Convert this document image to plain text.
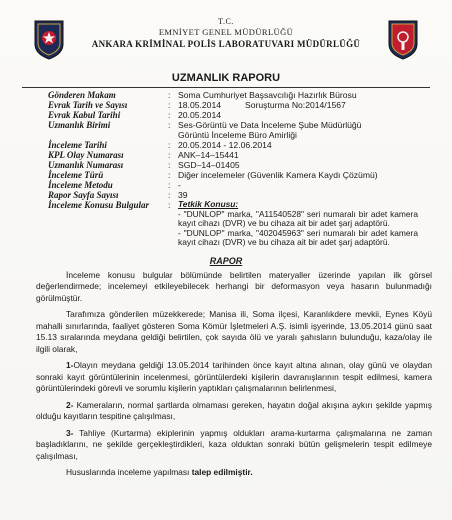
T.C.
EMNİYET GENEL MÜDÜRLÜĞÜ
ANKARA KRİMİNAL POLİS LABORATUVARI MÜDÜRLÜĞÜ
UZMANLIK RAPORU
Gönderen Makam	: Soma Cumhuriyet Başsavcılığı Hazırlık Bürosu
Evrak Tarih ve Sayısı	: 18.05.2014	Soruşturma No:2014/1567
Evrak Kabul Tarihi	: 20.05.2014
Uzmanlık Birimi	: Ses-Görüntü ve Data İnceleme Şube Müdürlüğü
Görüntü İnceleme Büro Amirliği
İnceleme Tarihi	: 20.05.2014 - 12.06.2014
KPL Olay Numarası	: ANK–14–15441
Uzmanlık Numarası	: SGD–14–01405
İnceleme Türü	: Diğer incelemeler (Güvenlik Kamera Kaydı Çözümü)
İnceleme Metodu	: -
Rapor Sayfa Sayısı	: 39
İnceleme Konusu Bulgular	: Tetkik Konusu:
- "DUNLOP" marka, "A11540528" seri numaralı bir adet kamera kayıt cihazı (DVR) ve bu cihaza ait bir adet şarj adaptörü.
- "DUNLOP" marka, "402045963" seri numaralı bir adet kamera kayıt cihazı (DVR) ve bu cihaza ait bir adet şarj adaptörü.
RAPOR
İnceleme konusu bulgular bölümünde belirtilen materyaller üzerinde yapılan ilk görsel değerlendirmede; incelemeyi etkileyebilecek herhangi bir deformasyon veya hasarın bulunmadığı görülmüştür.
Tarafımıza gönderilen müzekkerede; Manisa ili, Soma ilçesi, Karanlıkdere mevkii, Eynes Köyü mahalli sınırlarında, faaliyet gösteren Soma Kömür İşletmeleri A.Ş. isimli işyerinde, 13.05.2014 günü saat 15.13 sıralarında meydana geldiği belirtilen, çok sayıda ölü ve yaralı şahısların bulunduğu, kaza/olay ile ilgili olarak,
1-Olayın meydana geldiği 13.05.2014 tarihinden önce kayıt altına alınan, olay günü ve olaydan sonraki kayıt görüntülerinin incelenmesi, görüntülerdeki kişilerin davranışlarının tespit edilmesi, kamera görüntülerindeki görevli ve sorumlu kişilerin yaptıkları çalışmalarının belirlenmesi,
2- Kameraların, normal şartlarda olmaması gereken, hayatın doğal akışına aykırı şekilde yapmış olduğu kayıtların tespitine çalışılması,
3- Tahliye (Kurtarma) ekiplerinin yapmış oldukları arama-kurtarma çalışmalarına ne zaman başladıklarını, ne şekilde gerçekleştirdikleri, kaza olduktan sonraki bütün gelişmelerin tespit edilmeye çalışılması,
Hususlarında inceleme yapılması talep edilmiştir.
